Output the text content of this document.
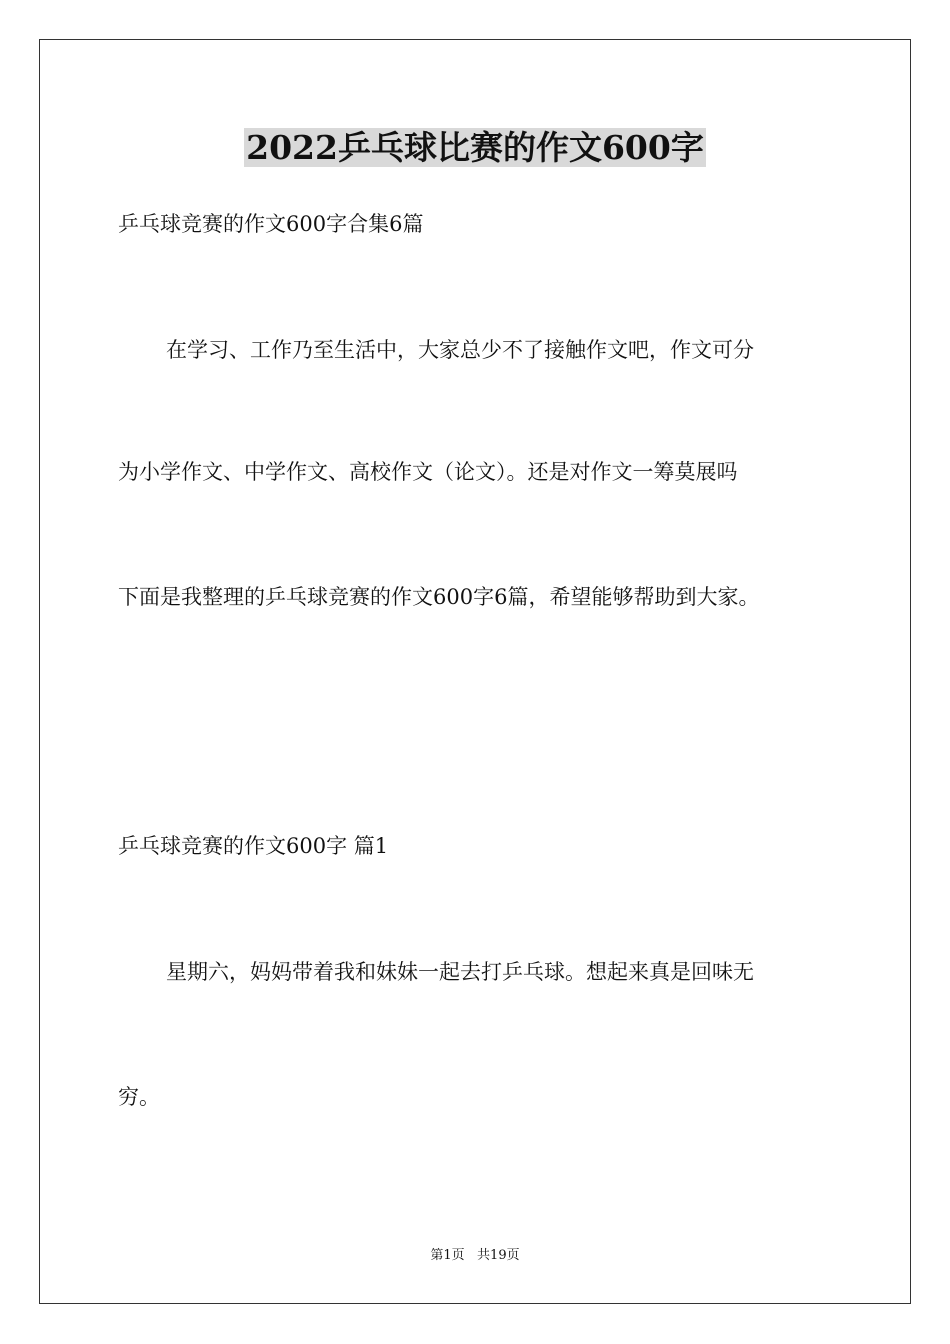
2022乒乓球比赛的作文600字
乒乓球竞赛的作文600字合集6篇
在学习、工作乃至生活中，大家总少不了接触作文吧，作文可分
为小学作文、中学作文、高校作文（论文）。还是对作文一筹莫展吗
下面是我整理的乒乓球竞赛的作文600字6篇，希望能够帮助到大家。
乒乓球竞赛的作文600字 篇1
星期六，妈妈带着我和妹妹一起去打乒乓球。想起来真是回味无
穷。
第1页   共19页
